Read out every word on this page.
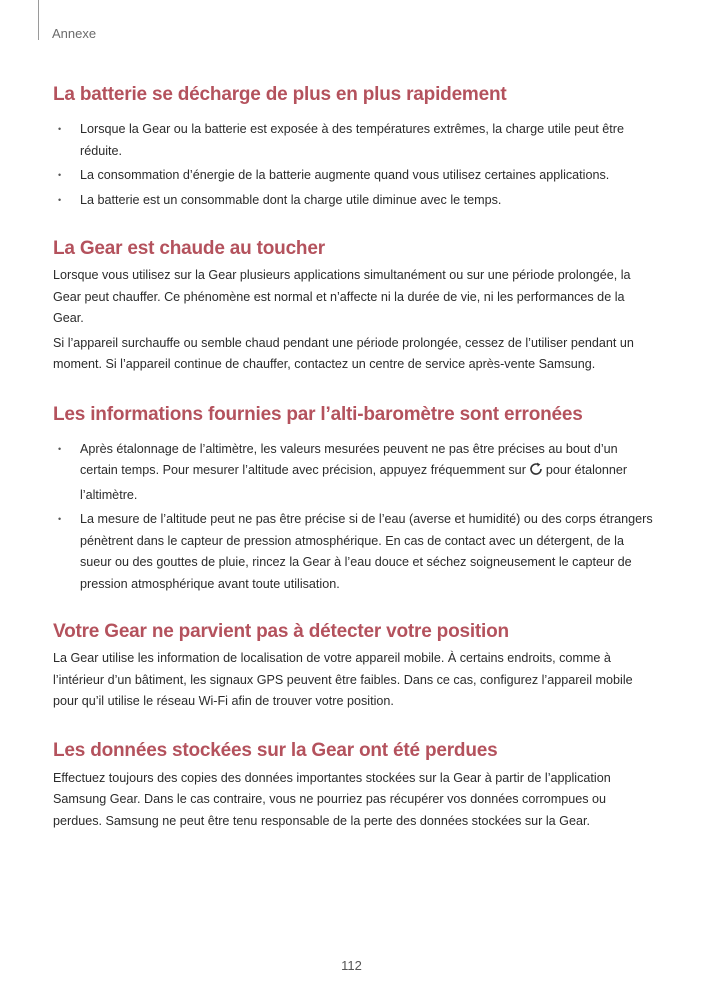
Annexe
La batterie se décharge de plus en plus rapidement
• Lorsque la Gear ou la batterie est exposée à des températures extrêmes, la charge utile peut être réduite.
• La consommation d’énergie de la batterie augmente quand vous utilisez certaines applications.
• La batterie est un consommable dont la charge utile diminue avec le temps.
La Gear est chaude au toucher

Lorsque vous utilisez sur la Gear plusieurs applications simultanément ou sur une période prolongée, la Gear peut chauffer. Ce phénomène est normal et n’affecte ni la durée de vie, ni les performances de la Gear.

Si l’appareil surchauffe ou semble chaud pendant une période prolongée, cessez de l’utiliser pendant un moment. Si l’appareil continue de chauffer, contactez un centre de service après-vente Samsung.

Les informations fournies par l’alti-baromètre sont erronées
• Après étalonnage de l’altimètre, les valeurs mesurées peuvent ne pas être précises au bout d’un certain temps. Pour mesurer l’altitude avec précision, appuyez fréquemment sur pour étalonner l’altimètre.
• La mesure de l’altitude peut ne pas être précise si de l’eau (averse et humidité) ou des corps étrangers pénètrent dans le capteur de pression atmosphérique. En cas de contact avec un détergent, de la sueur ou des gouttes de pluie, rincez la Gear à l’eau douce et séchez soigneusement le capteur de pression atmosphérique avant toute utilisation.
Votre Gear ne parvient pas à détecter votre position

La Gear utilise les information de localisation de votre appareil mobile. À certains endroits, comme à l’intérieur d’un bâtiment, les signaux GPS peuvent être faibles. Dans ce cas, configurez l’appareil mobile pour qu’il utilise le réseau Wi-Fi afin de trouver votre position.

Les données stockées sur la Gear ont été perdues

Effectuez toujours des copies des données importantes stockées sur la Gear à partir de l’application Samsung Gear. Dans le cas contraire, vous ne pourriez pas récupérer vos données corrompues ou perdues. Samsung ne peut être tenu responsable de la perte des données stockées sur la Gear.

112
